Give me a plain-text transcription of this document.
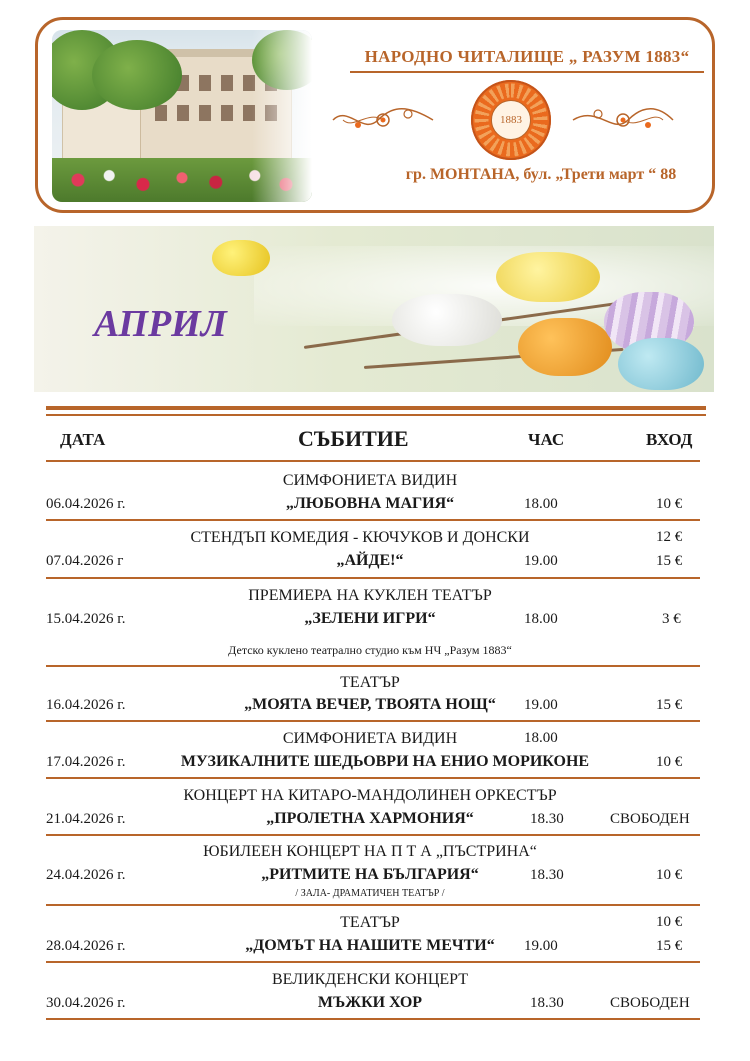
НАРОДНО ЧИТАЛИЩЕ „ РАЗУМ 1883“
1883
гр. МОНТАНА, бул. „Трети март “ 88
АПРИЛ
ДАТА	СЪБИТИЕ	ЧАС	ВХОД
СИМФОНИЕТА ВИДИН
06.04.2026 г.	„ЛЮБОВНА МАГИЯ“	18.00	10 €
СТЕНДЪП КОМЕДИЯ - КЮЧУКОВ И ДОНСКИ	12 €
07.04.2026 г	„АЙДЕ!“	19.00	15 €
ПРЕМИЕРА НА КУКЛЕН ТЕАТЪР
15.04.2026 г.	„ЗЕЛЕНИ ИГРИ“	18.00	3 €
Детско куклено театрално студио към НЧ „Разум 1883“
ТЕАТЪР
16.04.2026 г.	„МОЯТА ВЕЧЕР, ТВОЯТА НОЩ“	19.00	15 €
СИМФОНИЕТА ВИДИН	18.00
17.04.2026 г.	МУЗИКАЛНИТЕ ШЕДЬОВРИ НА ЕНИО МОРИКОНЕ	10 €
КОНЦЕРТ НА КИТАРО-МАНДОЛИНЕН ОРКЕСТЪР
21.04.2026 г.	„ПРОЛЕТНА ХАРМОНИЯ“	18.30	СВОБОДЕН
ЮБИЛЕЕН КОНЦЕРТ НА П Т А „ПЪСТРИНА“
24.04.2026 г.	„РИТМИТЕ НА БЪЛГАРИЯ“	18.30	10 €
/ ЗАЛА- ДРАМАТИЧЕН ТЕАТЪР /
ТЕАТЪР	10 €
28.04.2026 г.	„ДОМЪТ НА НАШИТЕ МЕЧТИ“	19.00	15 €
ВЕЛИКДЕНСКИ КОНЦЕРТ
30.04.2026 г.	МЪЖКИ ХОР	18.30	СВОБОДЕН
